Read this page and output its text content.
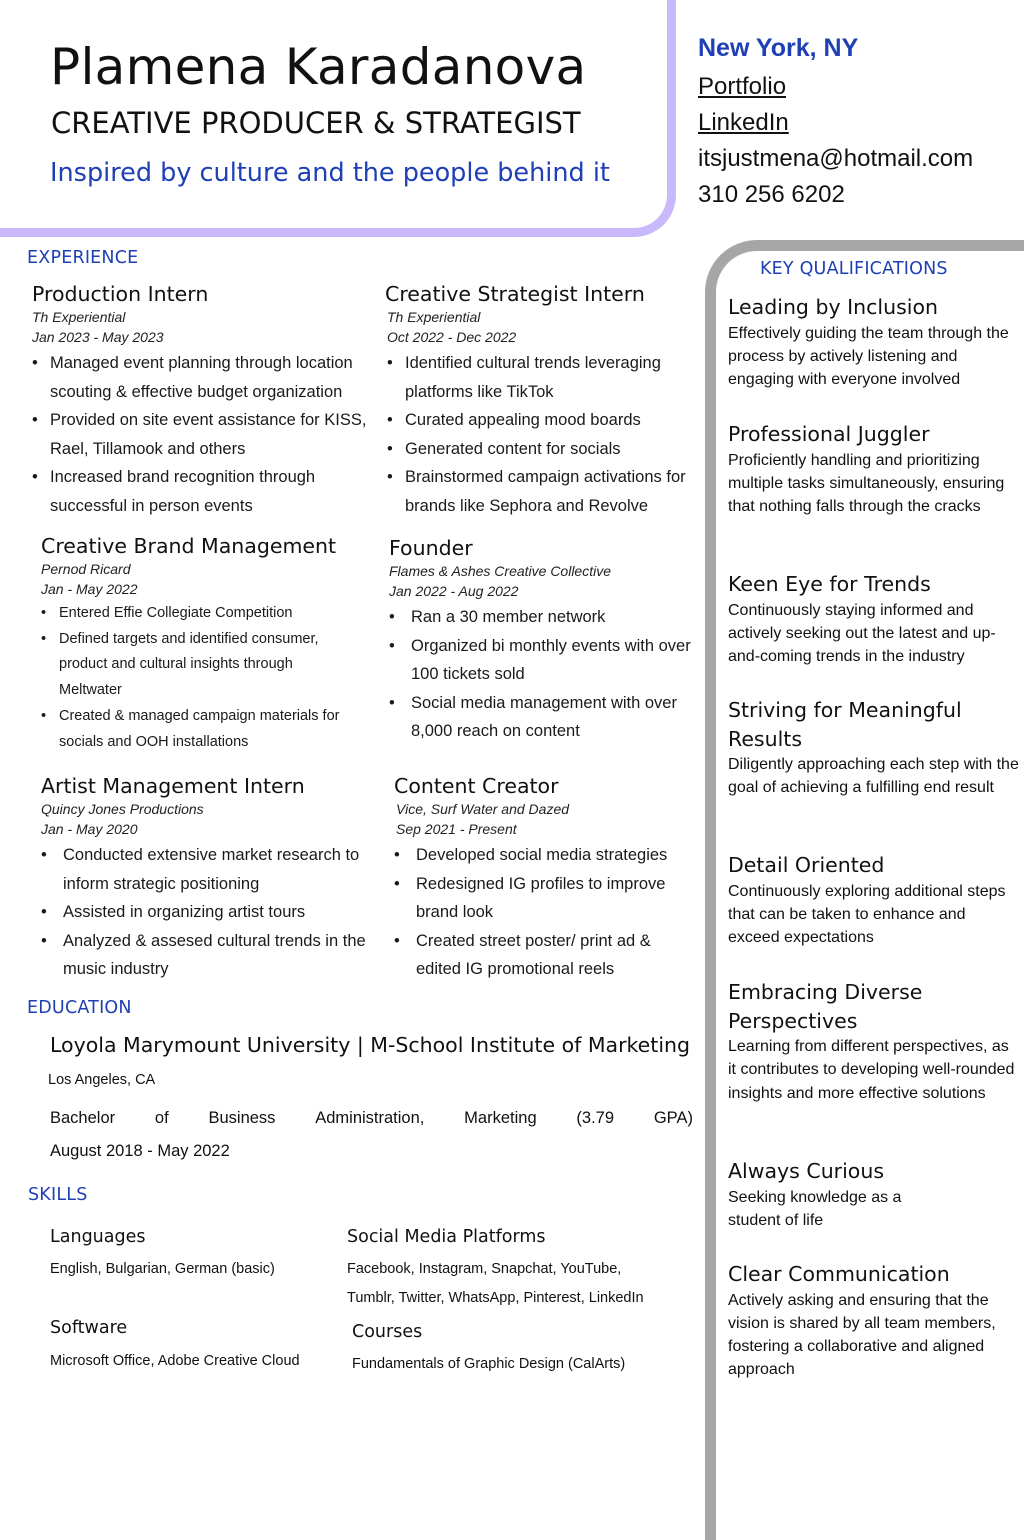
Plamena Karadanova
CREATIVE PRODUCER & STRATEGIST
Inspired by culture and the people behind it
New York, NY
Portfolio
LinkedIn
itsjustmena@hotmail.com
310 256 6202
EXPERIENCE
Production Intern
Th Experiential
Jan 2023 - May 2023
• Managed event planning through location scouting & effective budget organization
• Provided on site event assistance for KISS, Rael, Tillamook and others
• Increased brand recognition through successful in person events
Creative Strategist Intern
Th Experiential
Oct 2022 - Dec 2022
• Identified cultural trends leveraging platforms like TikTok
• Curated appealing mood boards
• Generated content for socials
• Brainstormed campaign activations for brands like Sephora and Revolve
Creative Brand Management
Pernod Ricard
Jan - May 2022
• Entered Effie Collegiate Competition
• Defined targets and identified consumer, product and cultural insights through Meltwater
• Created & managed campaign materials for socials and OOH installations
Founder
Flames & Ashes Creative Collective
Jan 2022 - Aug 2022
• Ran a 30 member network
• Organized bi monthly events with over 100 tickets sold
• Social media management with over 8,000 reach on content
Artist Management Intern
Quincy Jones Productions
Jan - May 2020
• Conducted extensive market research to inform strategic positioning
• Assisted in organizing artist tours
• Analyzed & assesed cultural trends in the music industry
Content Creator
Vice, Surf Water and Dazed
Sep 2021 - Present
• Developed social media strategies
• Redesigned IG profiles to improve brand look
• Created street poster/ print ad & edited IG promotional reels
EDUCATION
Loyola Marymount University | M-School Institute of Marketing
Los Angeles, CA
Bachelor of Business Administration, Marketing (3.79 GPA)
August 2018 - May 2022
SKILLS
Languages
English, Bulgarian, German (basic)
Social Media Platforms
Facebook, Instagram, Snapchat, YouTube,
Tumblr, Twitter, WhatsApp, Pinterest, LinkedIn
Software
Microsoft Office, Adobe Creative Cloud
Courses
Fundamentals of Graphic Design (CalArts)
KEY QUALIFICATIONS
Leading by Inclusion
Effectively guiding the team through the process by actively listening and engaging with everyone involved
Professional Juggler
Proficiently handling and prioritizing multiple tasks simultaneously, ensuring that nothing falls through the cracks
Keen Eye for Trends
Continuously staying informed and actively seeking out the latest and up-and-coming trends in the industry
Striving for Meaningful Results
Diligently approaching each step with the goal of achieving a fulfilling end result
Detail Oriented
Continuously exploring additional steps that can be taken to enhance and exceed expectations
Embracing Diverse Perspectives
Learning from different perspectives, as it contributes to developing well-rounded insights and more effective solutions
Always Curious
Seeking knowledge as a student of life
Clear Communication
Actively asking and ensuring that the vision is shared by all team members, fostering a collaborative and aligned approach
